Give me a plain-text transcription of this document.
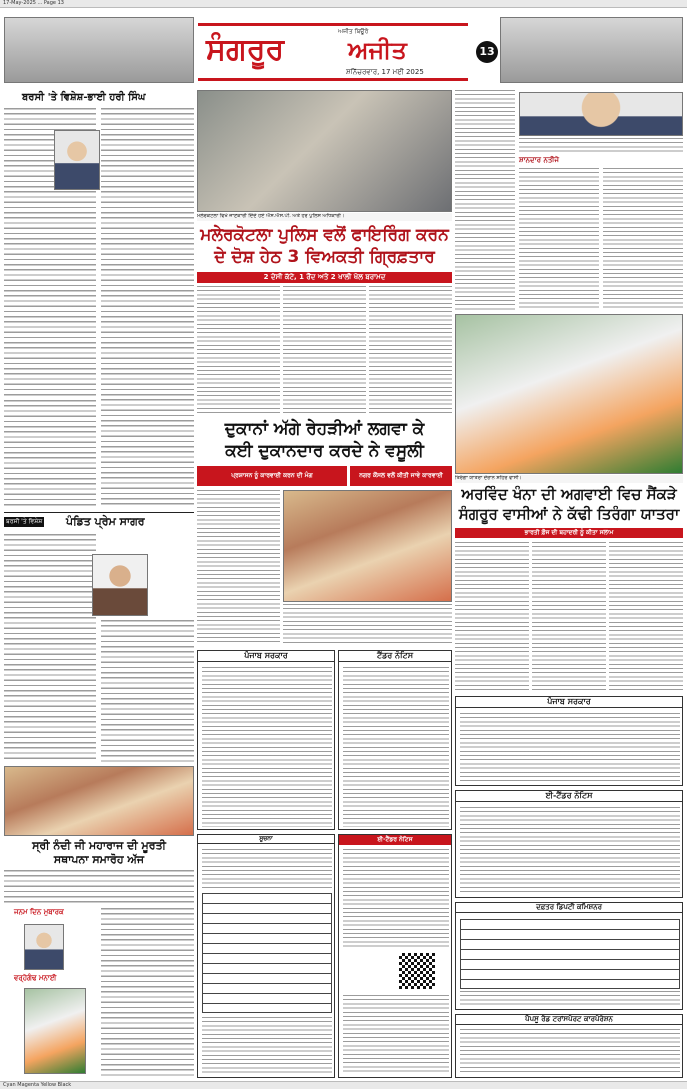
17-May-2025 ... Page 13
ਸੰਗਰੂਰ
ਅਜੀਤ ਬਿਊਰੋ
ਅਜੀਤ
ਸ਼ਨਿੱਚਰਵਾਰ, 17 ਮਈ 2025
13
ਬਰਸੀ 'ਤੇ ਵਿਸ਼ੇਸ਼-ਭਾਈ ਹਰੀ ਸਿੰਘ
ਬਰਸੀ 'ਤੇ ਵਿਸ਼ੇਸ਼ ਪੰਡਿਤ ਪ੍ਰੇਮ ਸਾਗਰ
ਸ੍ਰੀ ਨੰਦੀ ਜੀ ਮਹਾਰਾਜ ਦੀ ਮੂਰਤੀ
ਸਥਾਪਨਾ ਸਮਾਰੋਹ ਅੱਜ
ਜਨਮ ਦਿਨ ਮੁਬਾਰਕ
ਵਰ੍ਹੇਗੰਢ ਮਨਾਈ
ਮਲੇਰਕੋਟਲਾ ਵਿਖੇ ਜਾਣਕਾਰੀ ਦਿੰਦੇ ਹੋਏ ਐਸ.ਐਸ.ਪੀ. ਅਤੇ ਹੋਰ ਪੁਲਿਸ ਅਧਿਕਾਰੀ।
ਮਲੇਰਕੋਟਲਾ ਪੁਲਿਸ ਵਲੋਂ ਫਾਇਰਿੰਗ ਕਰਨ
ਦੇ ਦੋਸ਼ ਹੇਠ 3 ਵਿਅਕਤੀ ਗ੍ਰਿਫ਼ਤਾਰ
2 ਦੇਸੀ ਕੱਟੇ, 1 ਰੌਂਦ ਅਤੇ 2 ਖਾਲੀ ਖੋਲ ਬਰਾਮਦ
ਦੁਕਾਨਾਂ ਅੱਗੇ ਰੇਹੜੀਆਂ ਲਗਵਾ ਕੇ
ਕਈ ਦੁਕਾਨਦਾਰ ਕਰਦੇ ਨੇ ਵਸੂਲੀ
ਪ੍ਰਸ਼ਾਸਨ ਨੂੰ ਕਾਰਵਾਈ ਕਰਨ ਦੀ ਮੰਗ	ਨਗਰ ਕੌਂਸਲ ਵਲੋਂ ਕੀਤੀ ਜਾਵੇ ਕਾਰਵਾਈ
ਪੰਜਾਬ ਸਰਕਾਰ	ਟੈਂਡਰ ਨੋਟਿਸ
ਸੂਚਨਾ	ਈ-ਟੈਂਡਰ ਨੋਟਿਸ
ਸ਼ਾਨਦਾਰ ਨਤੀਜੇ
ਤਿਰੰਗਾ ਯਾਤਰਾ ਦੌਰਾਨ ਸ਼ਹਿਰ ਵਾਸੀ।
ਅਰਵਿੰਦ ਖੰਨਾ ਦੀ ਅਗਵਾਈ ਵਿਚ ਸੈਂਕੜੇ
ਸੰਗਰੂਰ ਵਾਸੀਆਂ ਨੇ ਕੱਢੀ ਤਿਰੰਗਾ ਯਾਤਰਾ
ਭਾਰਤੀ ਫ਼ੌਜ ਦੀ ਬਹਾਦਰੀ ਨੂੰ ਕੀਤਾ ਸਲਾਮ
ਪੰਜਾਬ ਸਰਕਾਰ
ਈ-ਟੈਂਡਰ ਨੋਟਿਸ
ਦਫ਼ਤਰ ਡਿਪਟੀ ਕਮਿਸ਼ਨਰ
ਪੈਪਸੂ ਰੋਡ ਟਰਾਂਸਪੋਰਟ ਕਾਰਪੋਰੇਸ਼ਨ
Cyan Magenta Yellow Black
